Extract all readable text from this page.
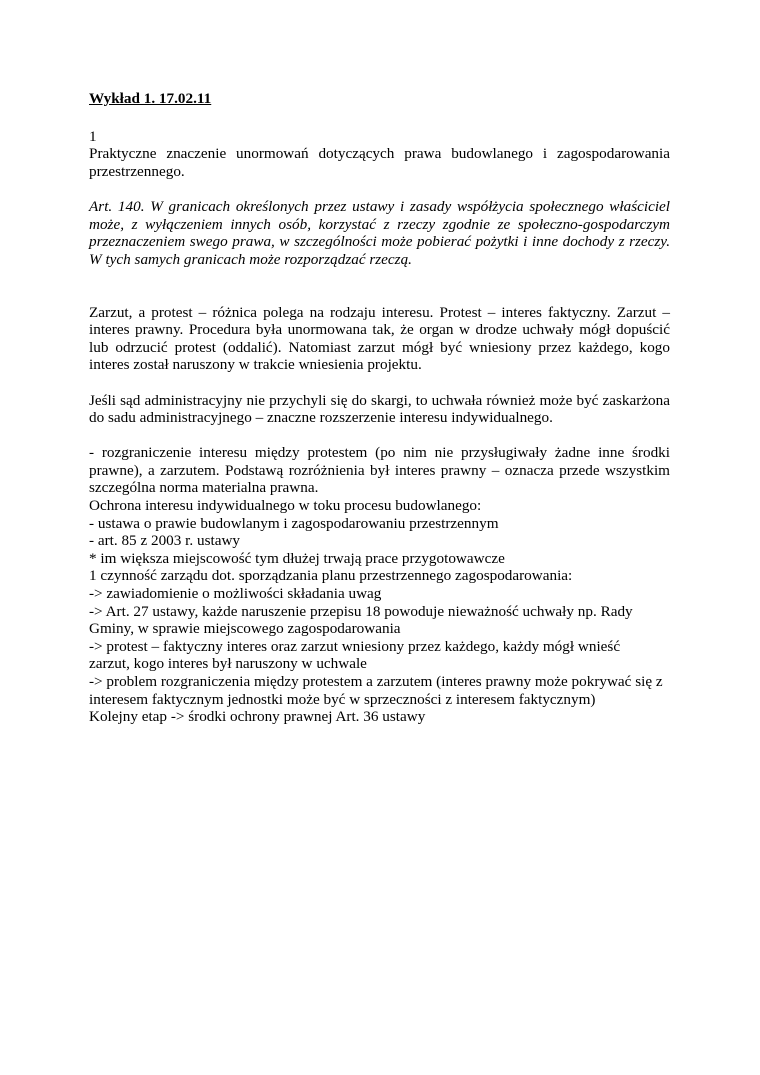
Wykład 1. 17.02.11

1

Praktyczne znaczenie unormowań dotyczących prawa budowlanego i zagospodarowania przestrzennego.

Art. 140. W granicach określonych przez ustawy i zasady współżycia społecznego właściciel może, z wyłączeniem innych osób, korzystać z rzeczy zgodnie ze społeczno-gospodarczym przeznaczeniem swego prawa, w szczególności może pobierać pożytki i inne dochody z rzeczy. W tych samych granicach może rozporządzać rzeczą.

Zarzut, a protest – różnica polega na rodzaju interesu. Protest – interes faktyczny. Zarzut – interes prawny. Procedura była unormowana tak, że organ w drodze uchwały mógł dopuścić lub odrzucić protest (oddalić). Natomiast zarzut mógł być wniesiony przez każdego, kogo interes został naruszony w trakcie wniesienia projektu.

Jeśli sąd administracyjny nie przychyli się do skargi, to uchwała również może być zaskarżona do sadu administracyjnego – znaczne rozszerzenie interesu indywidualnego.

- rozgraniczenie interesu między protestem (po nim nie przysługiwały żadne inne środki prawne), a zarzutem. Podstawą rozróżnienia był interes prawny – oznacza przede wszystkim szczególna norma materialna prawna.

Ochrona interesu indywidualnego w toku procesu budowlanego:

- ustawa o prawie budowlanym i zagospodarowaniu przestrzennym

- art. 85 z 2003 r. ustawy

* im większa miejscowość tym dłużej trwają prace przygotowawcze

1 czynność zarządu dot. sporządzania planu przestrzennego zagospodarowania:

-> zawiadomienie o możliwości składania uwag

-> Art. 27 ustawy, każde naruszenie przepisu 18 powoduje nieważność uchwały np. Rady

Gminy, w sprawie miejscowego zagospodarowania

-> protest – faktyczny interes oraz zarzut wniesiony przez każdego, każdy mógł wnieść

zarzut, kogo interes był naruszony w uchwale

-> problem rozgraniczenia między protestem a zarzutem (interes prawny może pokrywać się z

interesem faktycznym jednostki może być w sprzeczności z interesem faktycznym)

Kolejny etap -> środki ochrony prawnej Art. 36 ustawy
